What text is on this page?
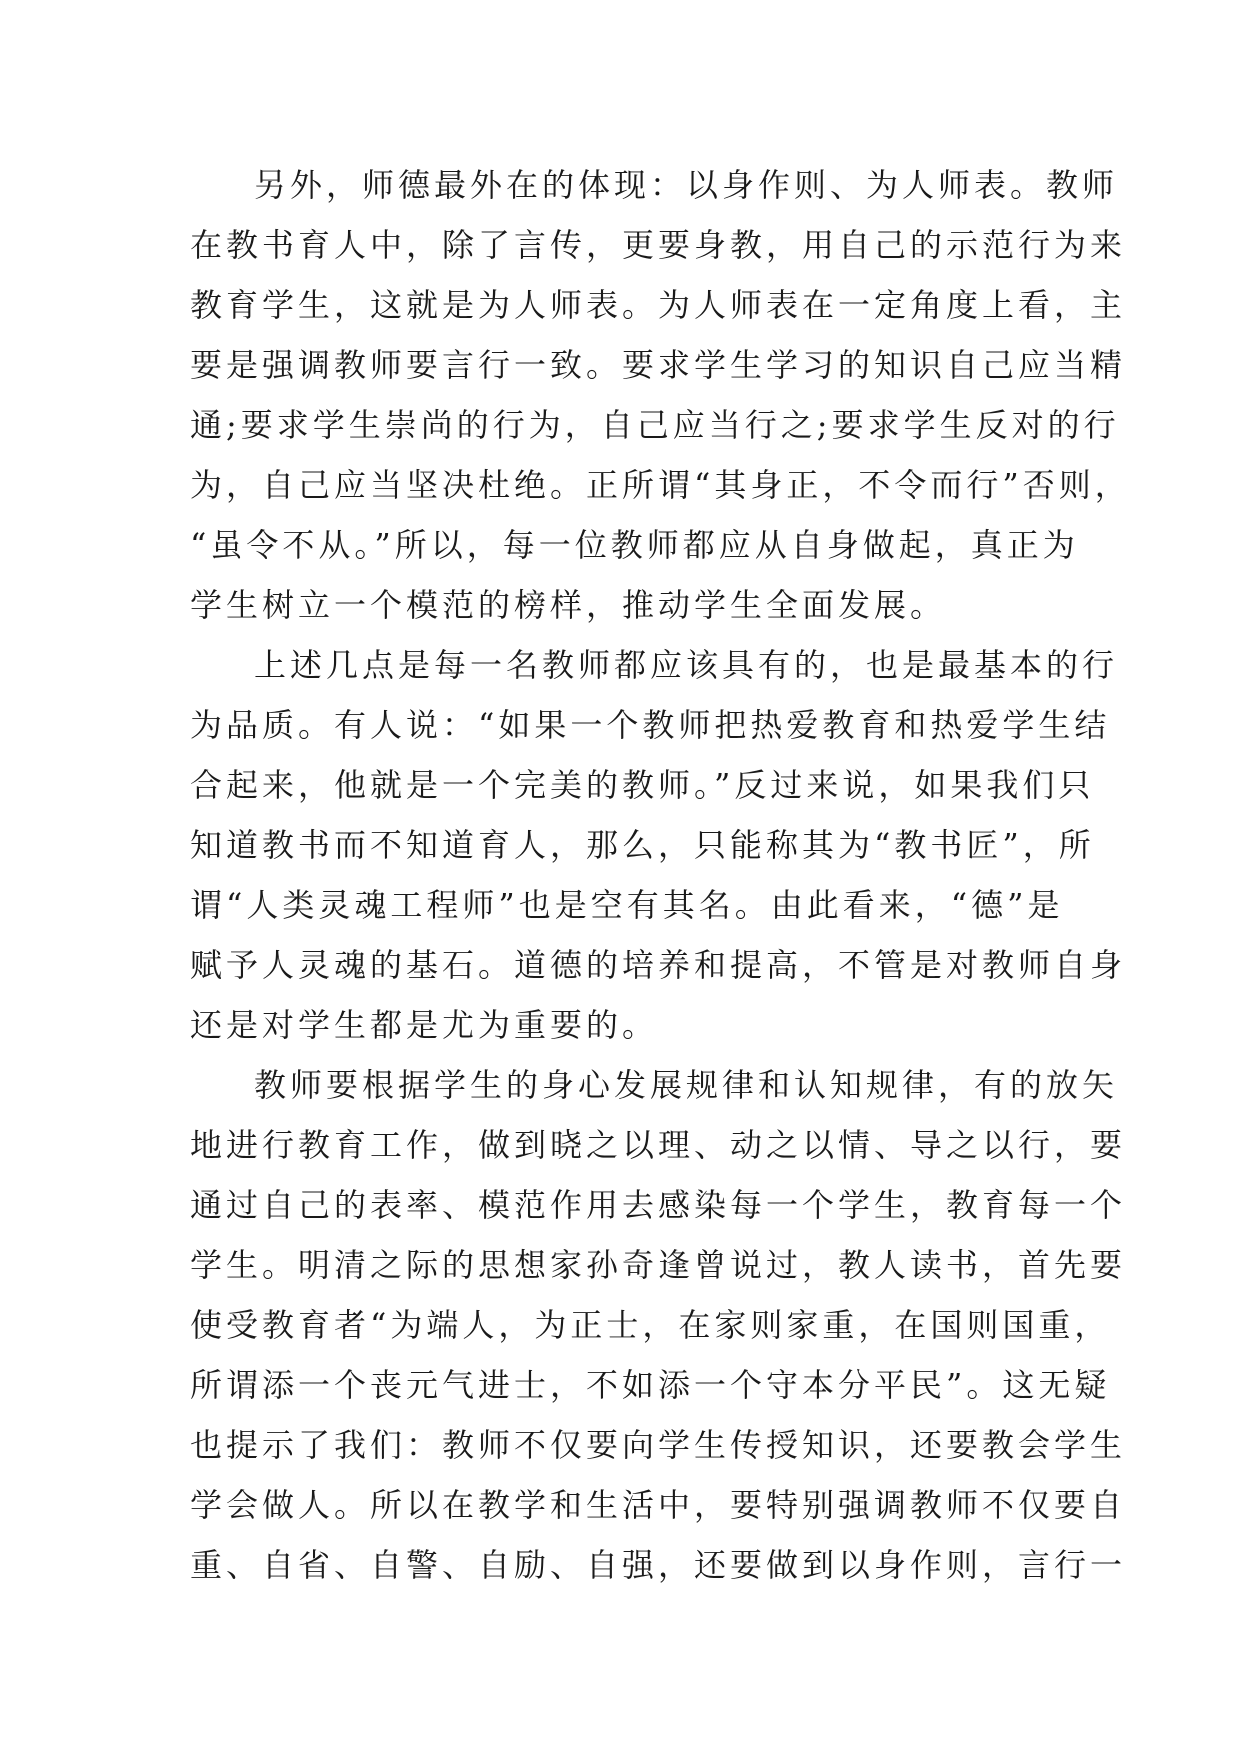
另外，师德最外在的体现：以身作则、为人师表。教师
在教书育人中，除了言传，更要身教，用自己的示范行为来
教育学生，这就是为人师表。为人师表在一定角度上看，主
要是强调教师要言行一致。要求学生学习的知识自己应当精
通;要求学生崇尚的行为，自己应当行之;要求学生反对的行
为，自己应当坚决杜绝。正所谓“其身正，不令而行”否则，
“虽令不从。”所以，每一位教师都应从自身做起，真正为
学生树立一个模范的榜样，推动学生全面发展。
上述几点是每一名教师都应该具有的，也是最基本的行
为品质。有人说：“如果一个教师把热爱教育和热爱学生结
合起来，他就是一个完美的教师。”反过来说，如果我们只
知道教书而不知道育人，那么，只能称其为“教书匠”，所
谓“人类灵魂工程师”也是空有其名。由此看来，“德”是
赋予人灵魂的基石。道德的培养和提高，不管是对教师自身
还是对学生都是尤为重要的。
教师要根据学生的身心发展规律和认知规律，有的放矢
地进行教育工作，做到晓之以理、动之以情、导之以行，要
通过自己的表率、模范作用去感染每一个学生，教育每一个
学生。明清之际的思想家孙奇逢曾说过，教人读书，首先要
使受教育者“为端人，为正士，在家则家重，在国则国重，
所谓添一个丧元气进士，不如添一个守本分平民”。这无疑
也提示了我们：教师不仅要向学生传授知识，还要教会学生
学会做人。所以在教学和生活中，要特别强调教师不仅要自
重、自省、自警、自励、自强，还要做到以身作则，言行一
